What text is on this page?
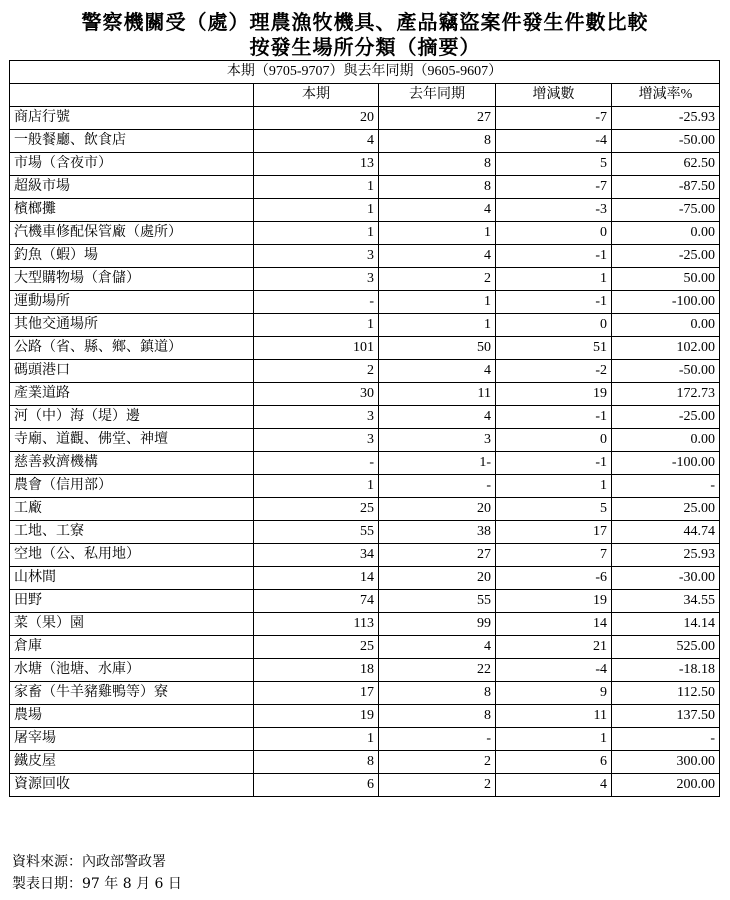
警察機關受（處）理農漁牧機具、產品竊盜案件發生件數比較
按發生場所分類（摘要）
本期（9705-9707）與去年同期（9605-9607）				
	本期	去年同期	增減數	增減率%
商店行號	20	27	-7	-25.93
一般餐廳、飲食店	4	8	-4	-50.00
市場（含夜市）	13	8	5	62.50
超級市場	1	8	-7	-87.50
檳榔攤	1	4	-3	-75.00
汽機車修配保管廠（處所）	1	1	0	0.00
釣魚（蝦）場	3	4	-1	-25.00
大型購物場（倉儲）	3	2	1	50.00
運動場所	-	1	-1	-100.00
其他交通場所	1	1	0	0.00
公路（省、縣、鄉、鎮道）	101	50	51	102.00
碼頭港口	2	4	-2	-50.00
產業道路	30	11	19	172.73
河（中）海（堤）邊	3	4	-1	-25.00
寺廟、道觀、佛堂、神壇	3	3	0	0.00
慈善救濟機構	-	1-	-1	-100.00
農會（信用部）	1	-	1	-
工廠	25	20	5	25.00
工地、工寮	55	38	17	44.74
空地（公、私用地）	34	27	7	25.93
山林間	14	20	-6	-30.00
田野	74	55	19	34.55
菜（果）園	113	99	14	14.14
倉庫	25	4	21	525.00
水塘（池塘、水庫）	18	22	-4	-18.18
家畜（牛羊豬雞鴨等）寮	17	8	9	112.50
農場	19	8	11	137.50
屠宰場	1	-	1	-
鐵皮屋	8	2	6	300.00
資源回收	6	2	4	200.00
資料來源：內政部警政署
製表日期：97 年 8 月 6 日
